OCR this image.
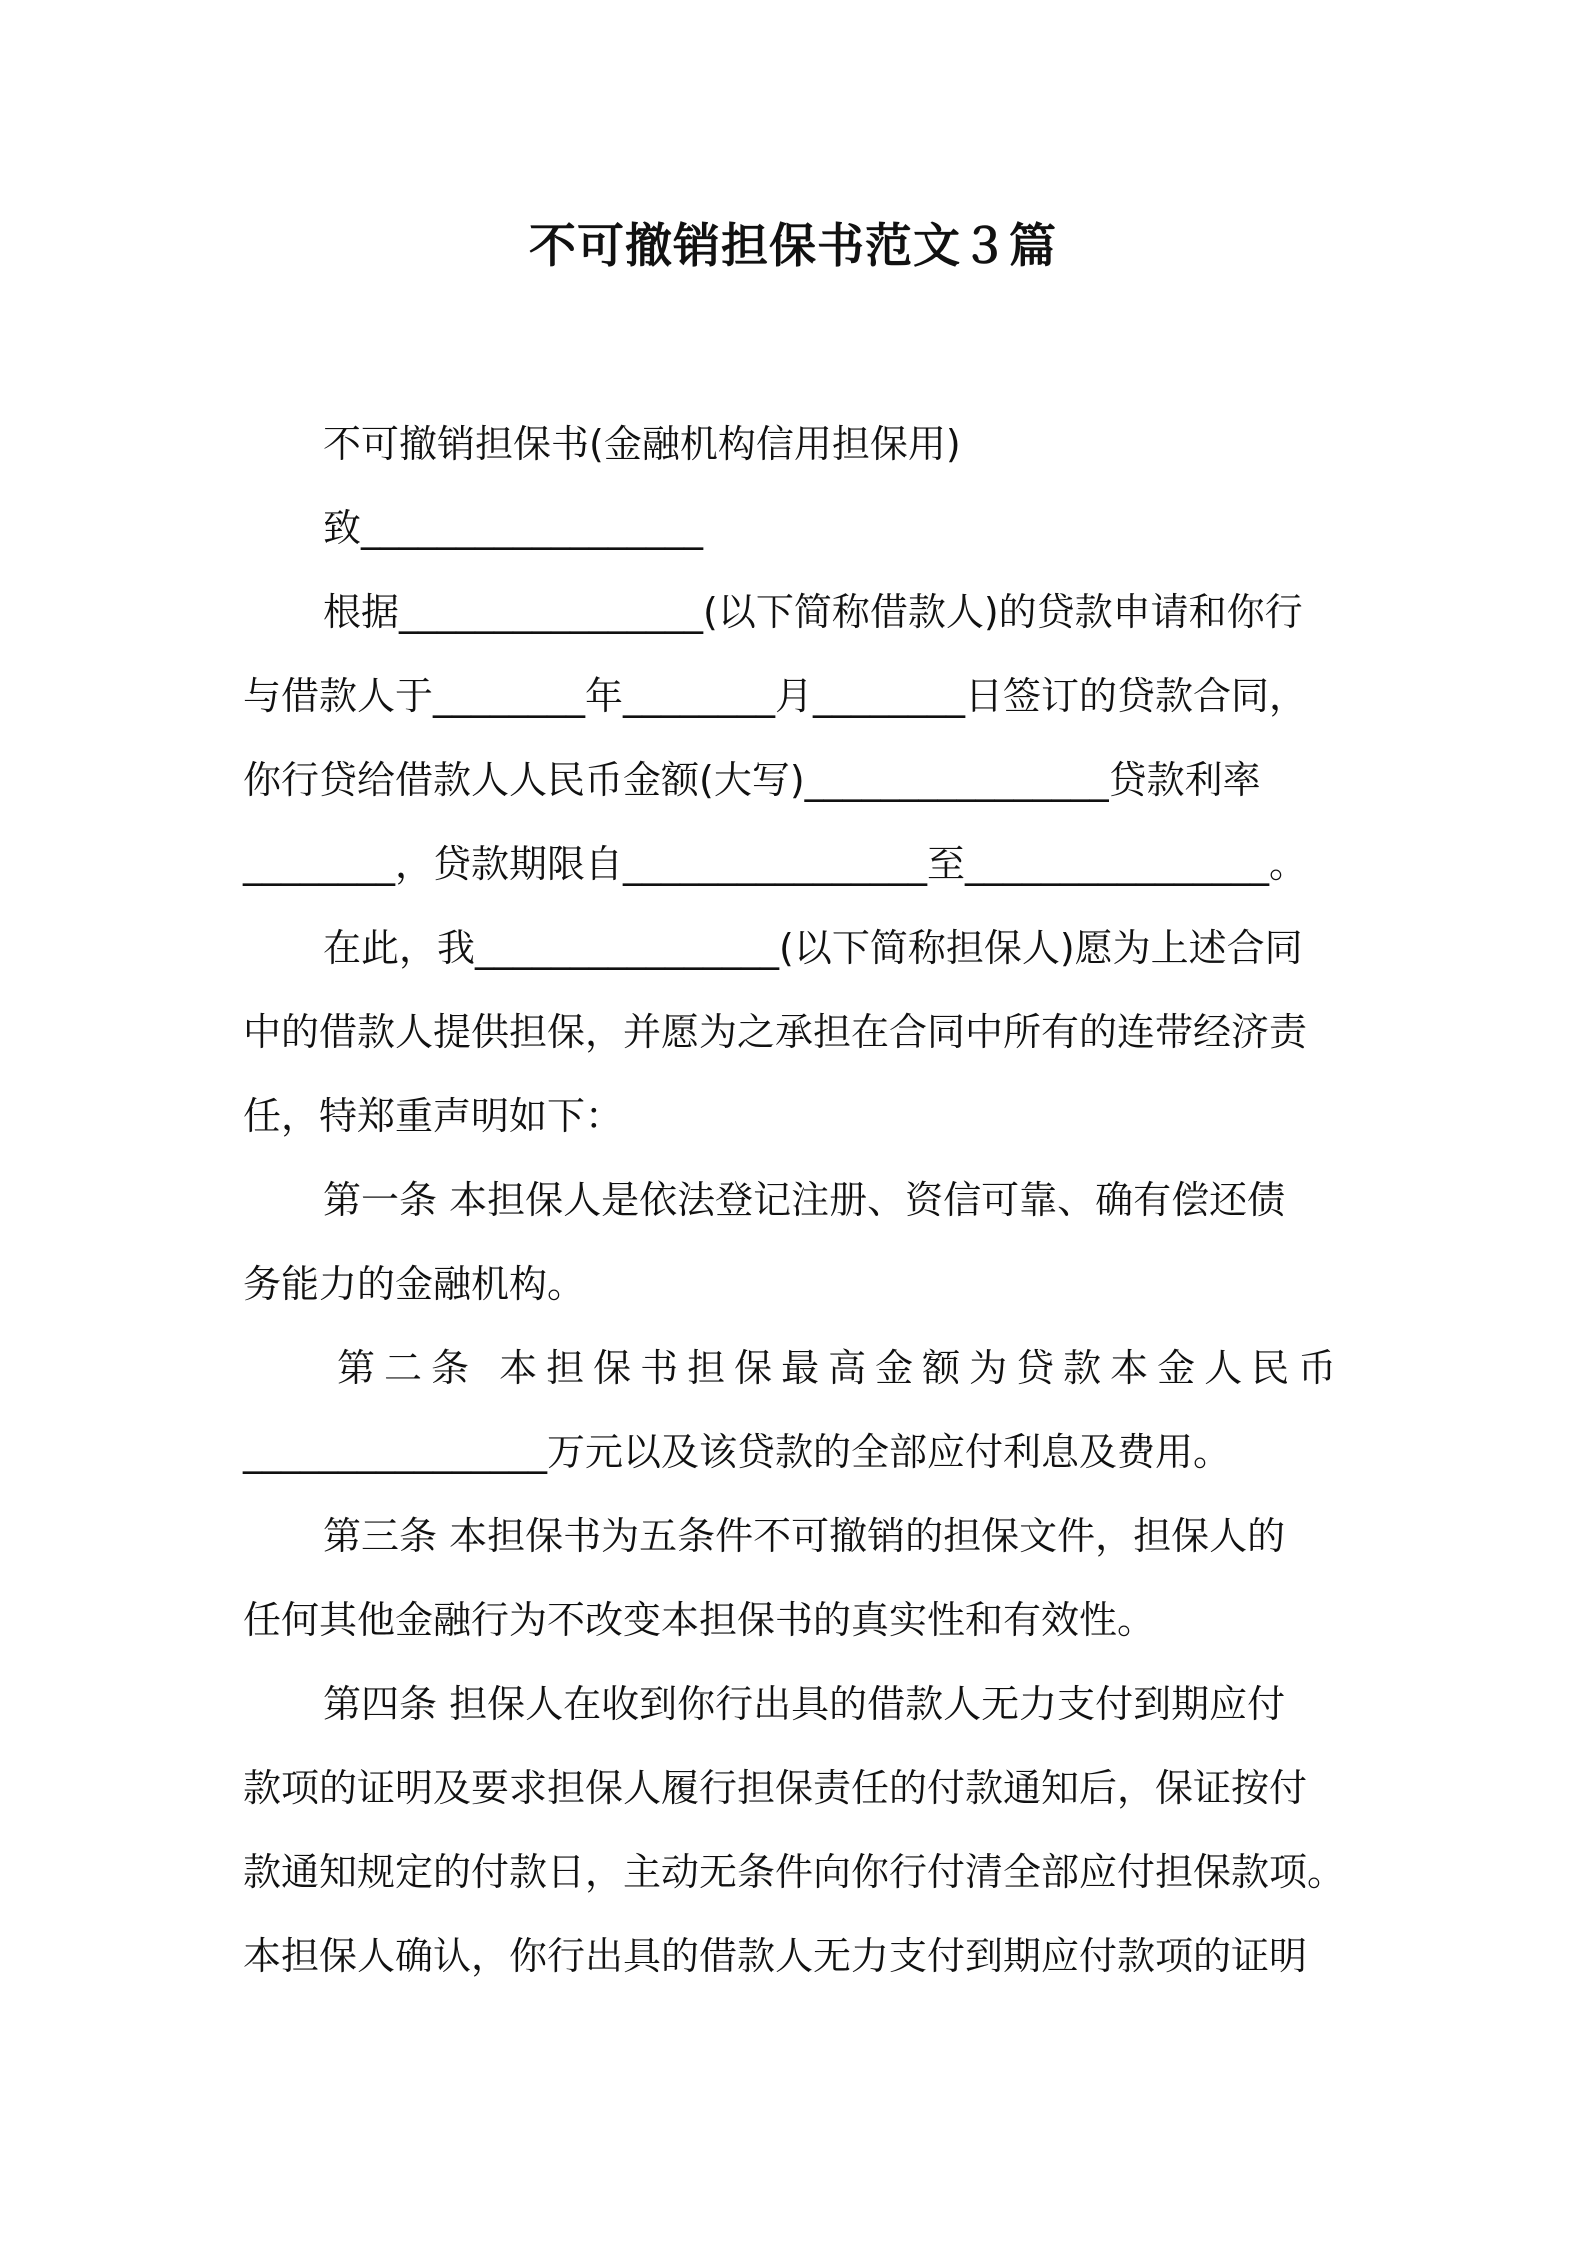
不可撤销担保书范文３篇
不可撤销担保书(金融机构信用担保用)
致__________________
根据________________(以下简称借款人)的贷款申请和你行
与借款人于________年________月________日签订的贷款合同，
你行贷给借款人人民币金额(大写)________________贷款利率
________，贷款期限自________________至________________。
在此，我________________(以下简称担保人)愿为上述合同
中的借款人提供担保，并愿为之承担在合同中所有的连带经济责
任，特郑重声明如下：
第一条 本担保人是依法登记注册、资信可靠、确有偿还债
务能力的金融机构。
第二条 本担保书担保最高金额为贷款本金人民币
________________万元以及该贷款的全部应付利息及费用。
第三条 本担保书为五条件不可撤销的担保文件，担保人的
任何其他金融行为不改变本担保书的真实性和有效性。
第四条 担保人在收到你行出具的借款人无力支付到期应付
款项的证明及要求担保人履行担保责任的付款通知后，保证按付
款通知规定的付款日，主动无条件向你行付清全部应付担保款项。
本担保人确认，你行出具的借款人无力支付到期应付款项的证明
